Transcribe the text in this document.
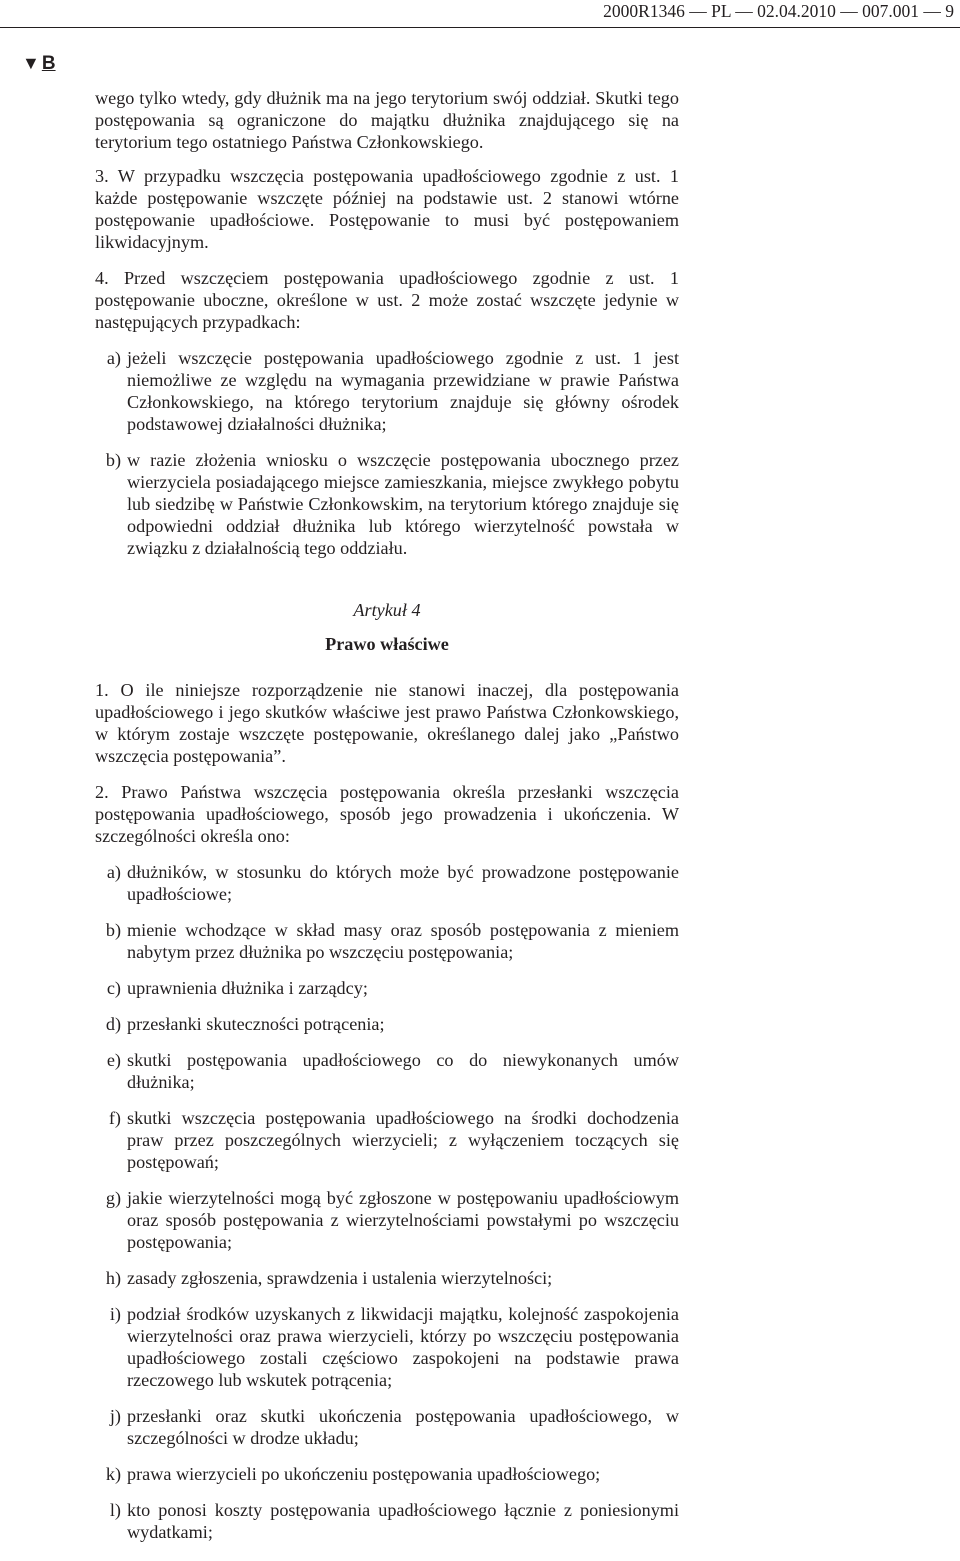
2000R1346 — PL — 02.04.2010 — 007.001 — 9
▼ B

wego tylko wtedy, gdy dłużnik ma na jego terytorium swój oddział. Skutki tego postępowania są ograniczone do majątku dłużnika znajdującego się na terytorium tego ostatniego Państwa Członkowskiego.

3. W przypadku wszczęcia postępowania upadłościowego zgodnie z ust. 1 każde postępowanie wszczęte później na podstawie ust. 2 stanowi wtórne postępowanie upadłościowe. Postępowanie to musi być postępowaniem likwidacyjnym.

4. Przed wszczęciem postępowania upadłościowego zgodnie z ust. 1 postępowanie uboczne, określone w ust. 2 może zostać wszczęte jedynie w następujących przypadkach:

a) jeżeli wszczęcie postępowania upadłościowego zgodnie z ust. 1 jest niemożliwe ze względu na wymagania przewidziane w prawie Państwa Członkowskiego, na którego terytorium znajduje się główny ośrodek podstawowej działalności dłużnika;
b) w razie złożenia wniosku o wszczęcie postępowania ubocznego przez wierzyciela posiadającego miejsce zamieszkania, miejsce zwykłego pobytu lub siedzibę w Państwie Członkowskim, na terytorium którego znajduje się odpowiedni oddział dłużnika lub którego wierzytelność powstała w związku z działalnością tego oddziału.

Artykuł 4

Prawo właściwe

1. O ile niniejsze rozporządzenie nie stanowi inaczej, dla postępowania upadłościowego i jego skutków właściwe jest prawo Państwa Członkowskiego, w którym zostaje wszczęte postępowanie, określanego dalej jako „Państwo wszczęcia postępowania”.

2. Prawo Państwa wszczęcia postępowania określa przesłanki wszczęcia postępowania upadłościowego, sposób jego prowadzenia i ukończenia. W szczególności określa ono:

a) dłużników, w stosunku do których może być prowadzone postępowanie upadłościowe;
b) mienie wchodzące w skład masy oraz sposób postępowania z mieniem nabytym przez dłużnika po wszczęciu postępowania;
c) uprawnienia dłużnika i zarządcy;
d) przesłanki skuteczności potrącenia;
e) skutki postępowania upadłościowego co do niewykonanych umów dłużnika;
f) skutki wszczęcia postępowania upadłościowego na środki dochodzenia praw przez poszczególnych wierzycieli; z wyłączeniem toczących się postępowań;
g) jakie wierzytelności mogą być zgłoszone w postępowaniu upadłościowym oraz sposób postępowania z wierzytelnościami powstałymi po wszczęciu postępowania;
h) zasady zgłoszenia, sprawdzenia i ustalenia wierzytelności;
i) podział środków uzyskanych z likwidacji majątku, kolejność zaspokojenia wierzytelności oraz prawa wierzycieli, którzy po wszczęciu postępowania upadłościowego zostali częściowo zaspokojeni na podstawie prawa rzeczowego lub wskutek potrącenia;
j) przesłanki oraz skutki ukończenia postępowania upadłościowego, w szczególności w drodze układu;
k) prawa wierzycieli po ukończeniu postępowania upadłościowego;
l) kto ponosi koszty postępowania upadłościowego łącznie z poniesionymi wydatkami;
